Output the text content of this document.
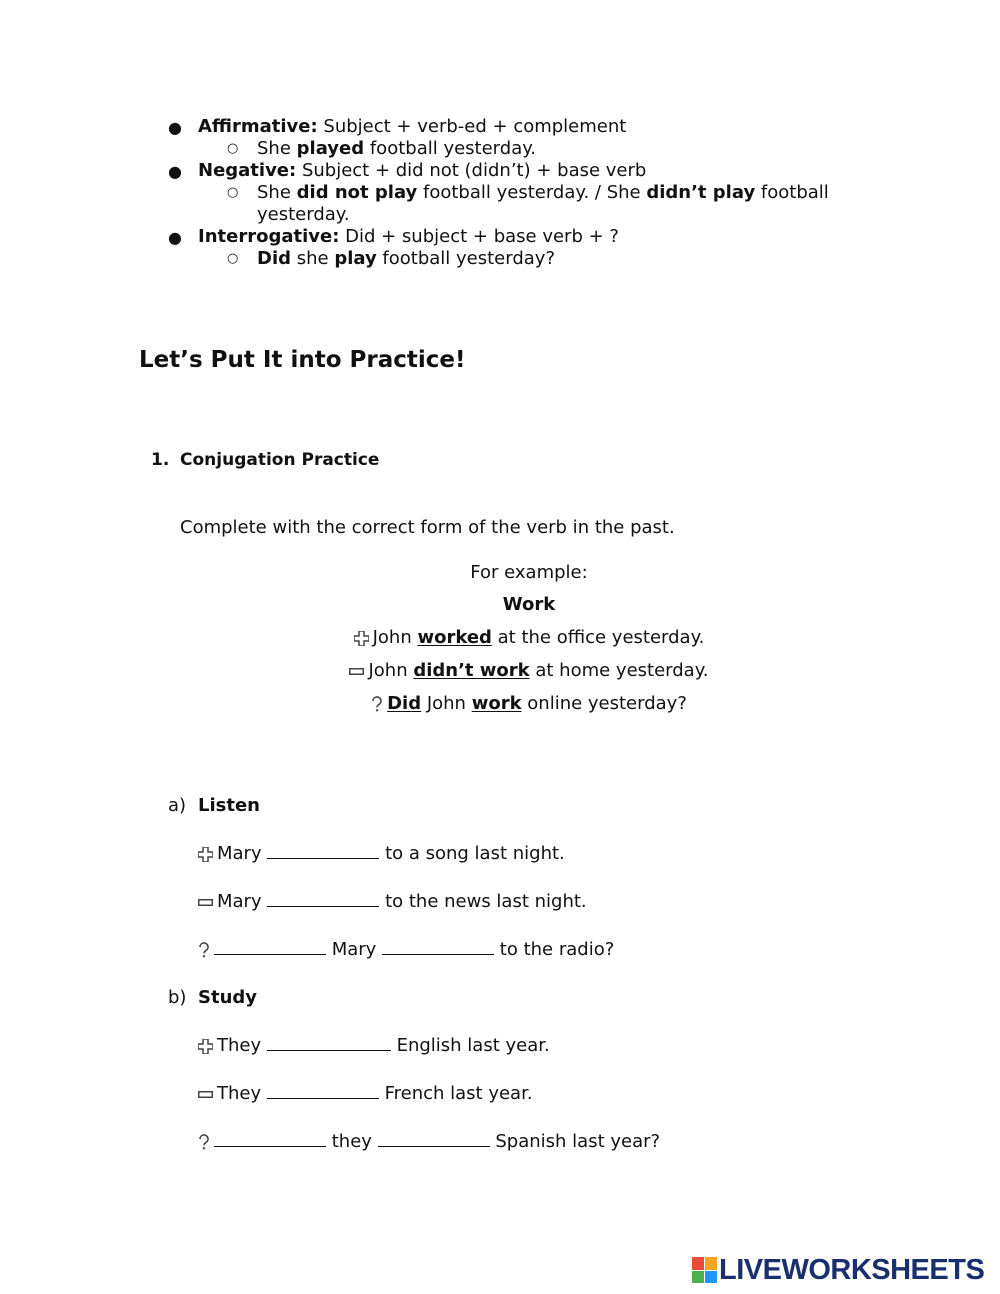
● Affirmative: Subject + verb-ed + complement
○ She played football yesterday.
● Negative: Subject + did not (didn’t) + base verb
○ She did not play football yesterday. / She didn’t play football
yesterday.
● Interrogative: Did + subject + base verb + ?
○ Did she play football yesterday?
Let’s Put It into Practice!
1. Conjugation Practice
Complete with the correct form of the verb in the past.
For example:
Work
John worked at the office yesterday.
John didn’t work at home yesterday.
Did John work online yesterday?
a) Listen
Mary	to a song last night.
Mary	to the news last night.
Mary	to the radio?
b) Study
They	English last year.
They	French last year.
they	Spanish last year?
LIVEWORKSHEETS
